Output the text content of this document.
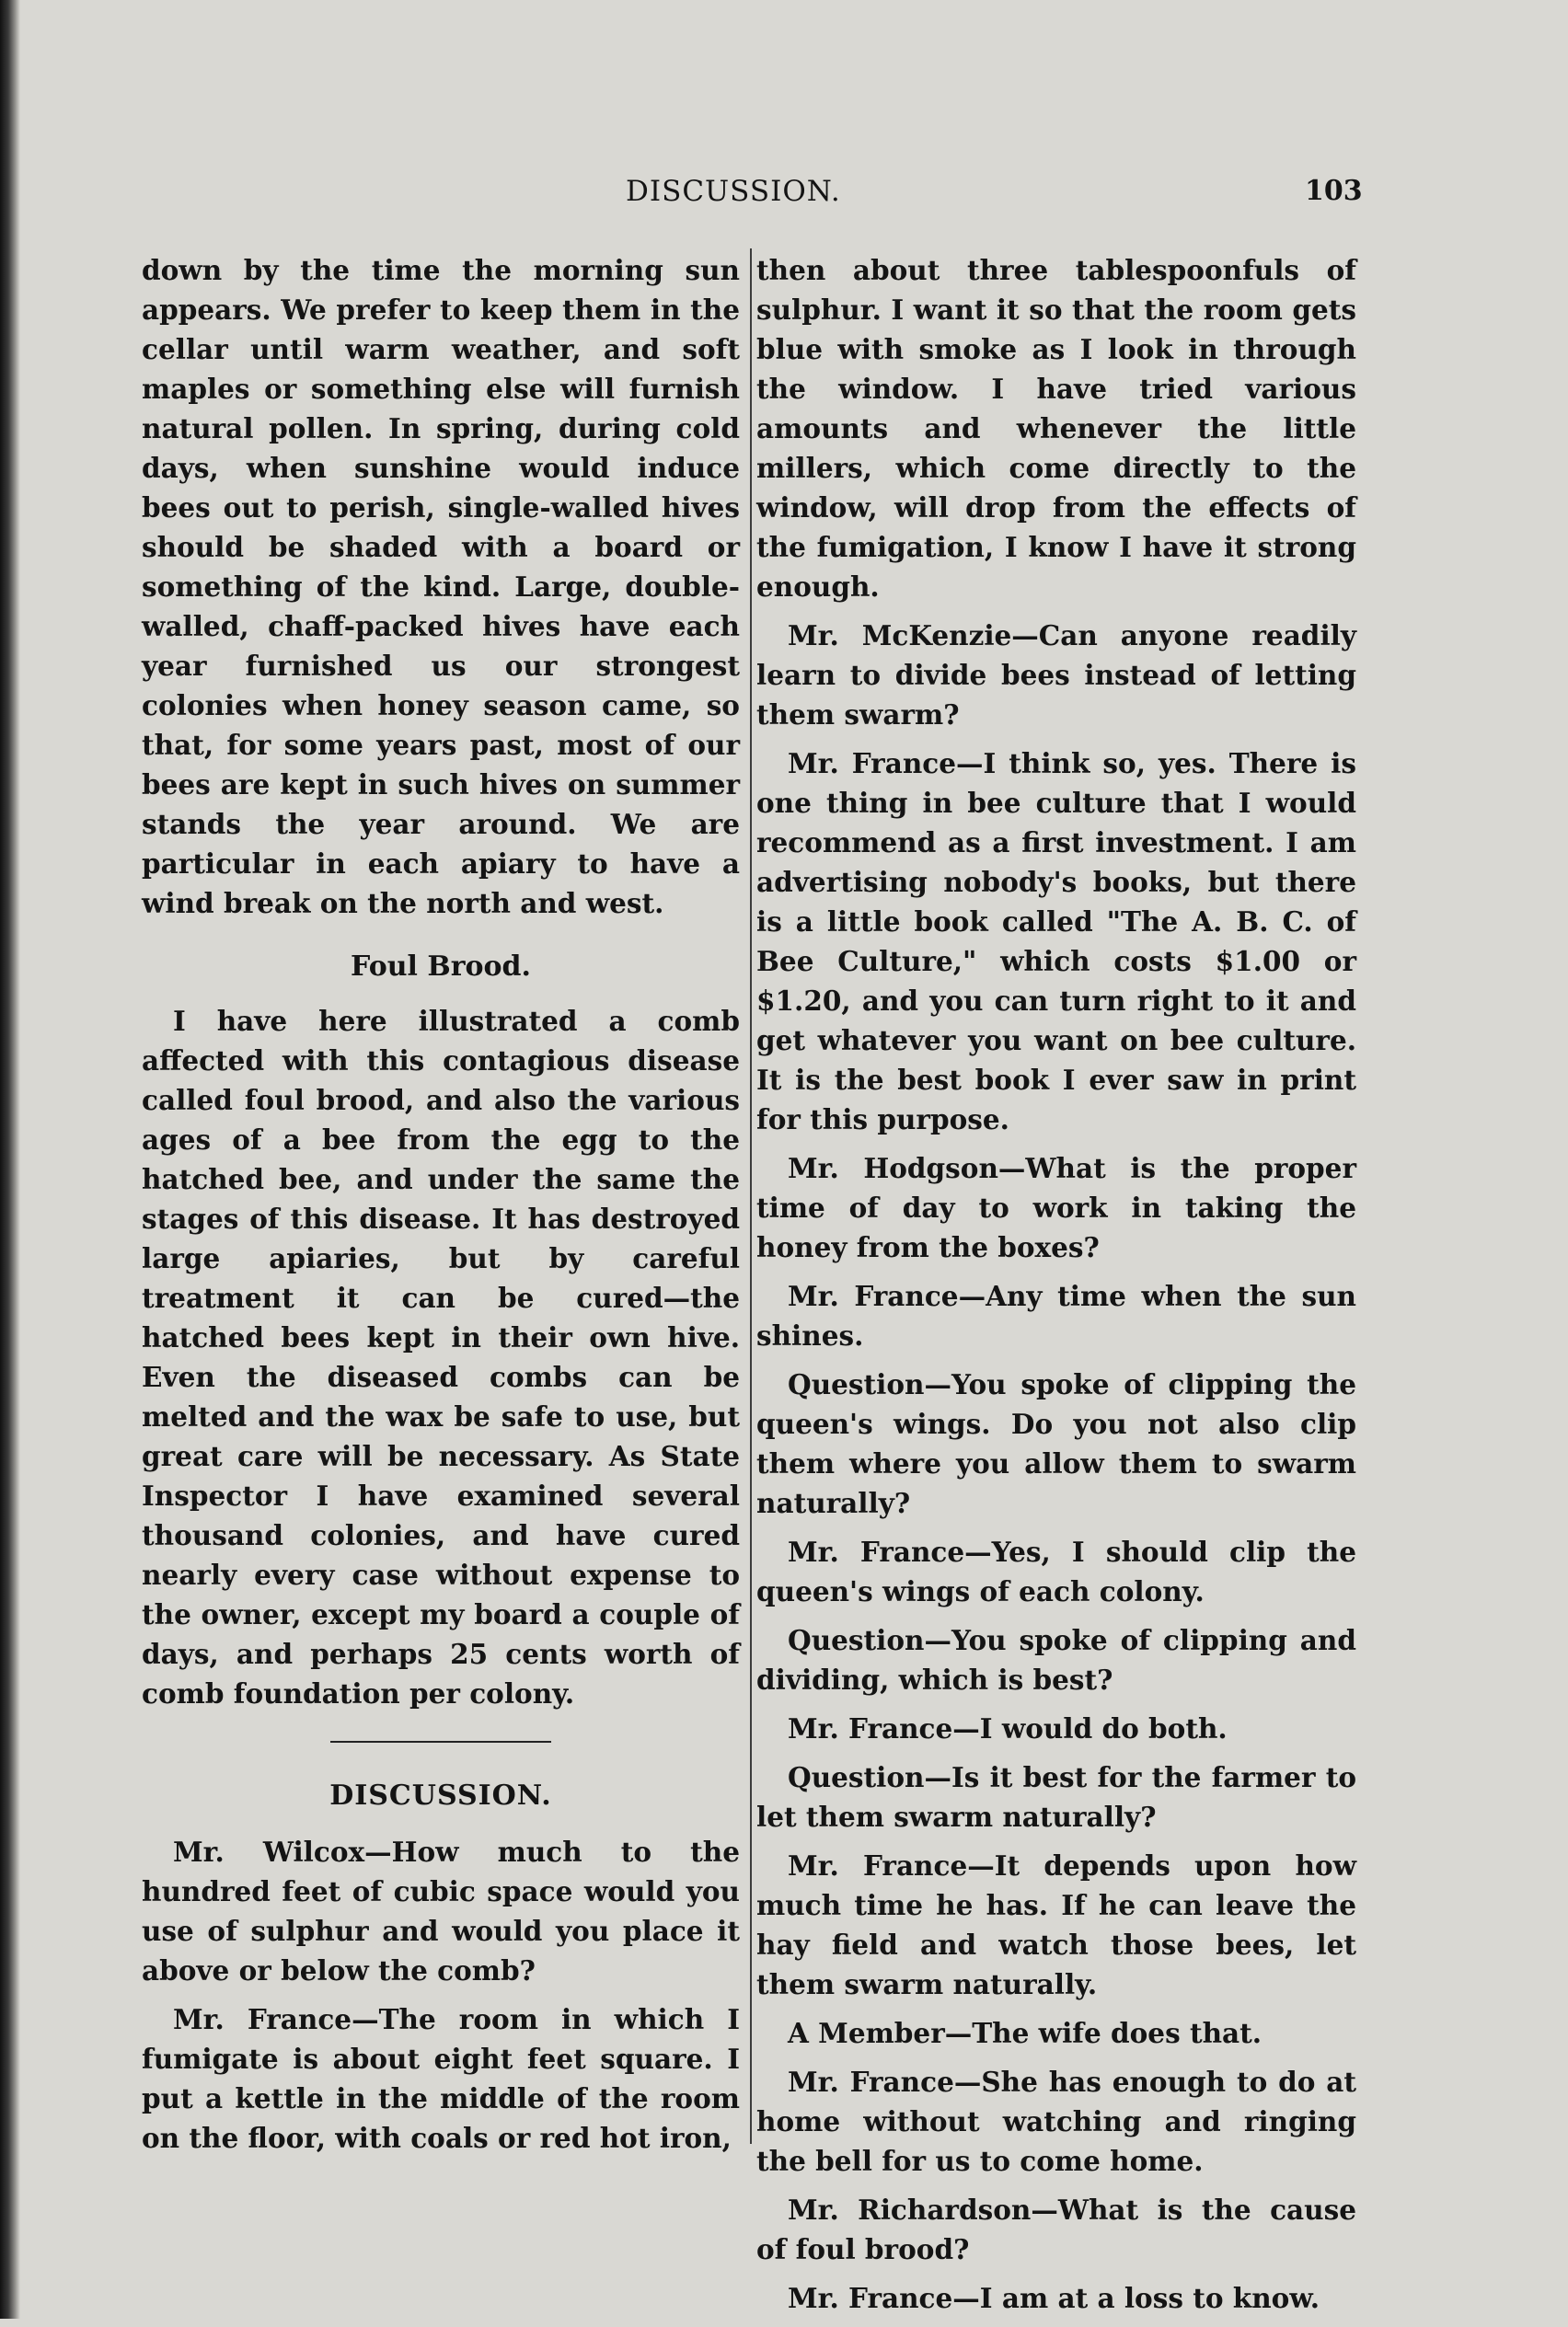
DISCUSSION.	103

down by the time the morning sun appears. We prefer to keep them in the cellar until warm weather, and soft maples or something else will furnish natural pollen. In spring, during cold days, when sunshine would induce bees out to perish, single-walled hives should be shaded with a board or something of the kind. Large, double-walled, chaff-packed hives have each year furnished us our strongest colonies when honey season came, so that, for some years past, most of our bees are kept in such hives on summer stands the year around. We are particular in each apiary to have a wind break on the north and west.

Foul Brood.

I have here illustrated a comb affected with this contagious disease called foul brood, and also the various ages of a bee from the egg to the hatched bee, and under the same the stages of this disease. It has destroyed large apiaries, but by careful treatment it can be cured—the hatched bees kept in their own hive. Even the diseased combs can be melted and the wax be safe to use, but great care will be necessary. As State Inspector I have examined several thousand colonies, and have cured nearly every case without expense to the owner, except my board a couple of days, and perhaps 25 cents worth of comb foundation per colony.

DISCUSSION.

Mr. Wilcox—How much to the hundred feet of cubic space would you use of sulphur and would you place it above or below the comb?

Mr. France—The room in which I fumigate is about eight feet square. I put a kettle in the middle of the room on the floor, with coals or red hot iron,

then about three tablespoonfuls of sulphur. I want it so that the room gets blue with smoke as I look in through the window. I have tried various amounts and whenever the little millers, which come directly to the window, will drop from the effects of the fumigation, I know I have it strong enough.

Mr. McKenzie—Can anyone readily learn to divide bees instead of letting them swarm?

Mr. France—I think so, yes. There is one thing in bee culture that I would recommend as a first investment. I am advertising nobody's books, but there is a little book called "The A. B. C. of Bee Culture," which costs $1.00 or $1.20, and you can turn right to it and get whatever you want on bee culture. It is the best book I ever saw in print for this purpose.

Mr. Hodgson—What is the proper time of day to work in taking the honey from the boxes?

Mr. France—Any time when the sun shines.

Question—You spoke of clipping the queen's wings. Do you not also clip them where you allow them to swarm naturally?

Mr. France—Yes, I should clip the queen's wings of each colony.

Question—You spoke of clipping and dividing, which is best?

Mr. France—I would do both.

Question—Is it best for the farmer to let them swarm naturally?

Mr. France—It depends upon how much time he has. If he can leave the hay field and watch those bees, let them swarm naturally.

A Member—The wife does that.

Mr. France—She has enough to do at home without watching and ringing the bell for us to come home.

Mr. Richardson—What is the cause of foul brood?

Mr. France—I am at a loss to know.
